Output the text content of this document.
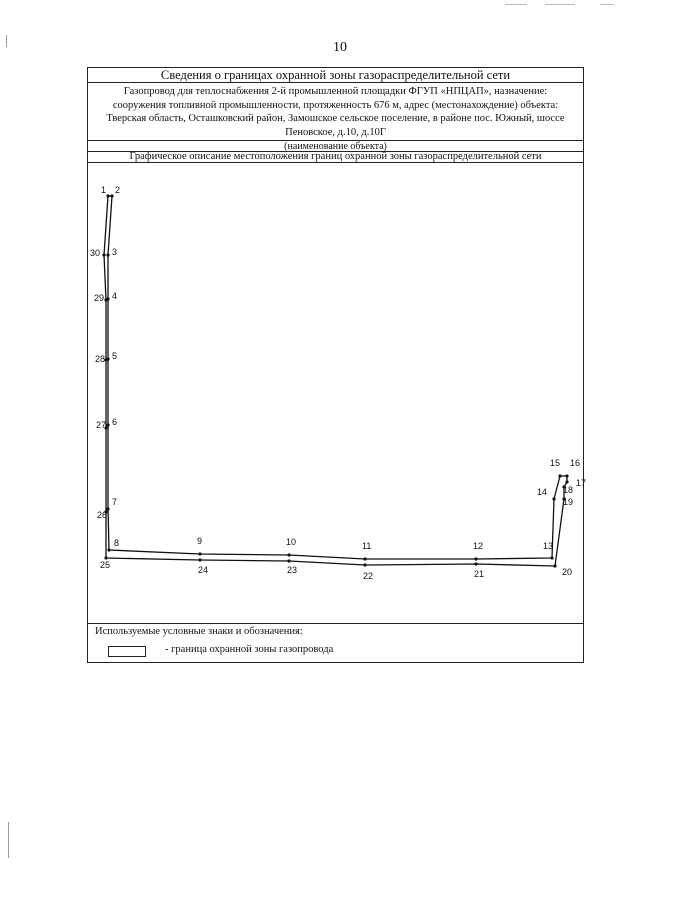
10
Сведения о границах охранной зоны газораспределительной сети
Газопровод для теплоснабжения 2-й промышленной площадки ФГУП «НПЦАП», назначение: сооружения топливной промышленности, протяженность 676 м, адрес (местонахождение) объекта: Тверская область, Осташковский район, Замошское сельское поселение, в районе пос. Южный, шоссе Пеновское, д.10, д.10Г
(наименование объекта)
Графическое описание местоположения границ охранной зоны газораспределительной сети
1 2
3
4
5
6
7
8	9	10	11	12	13
14
15 16
17
18
19
20
21
22
23
24
25
26
27
28
29
30
Используемые условные знаки и обозначения:
- граница охранной зоны газопровода
